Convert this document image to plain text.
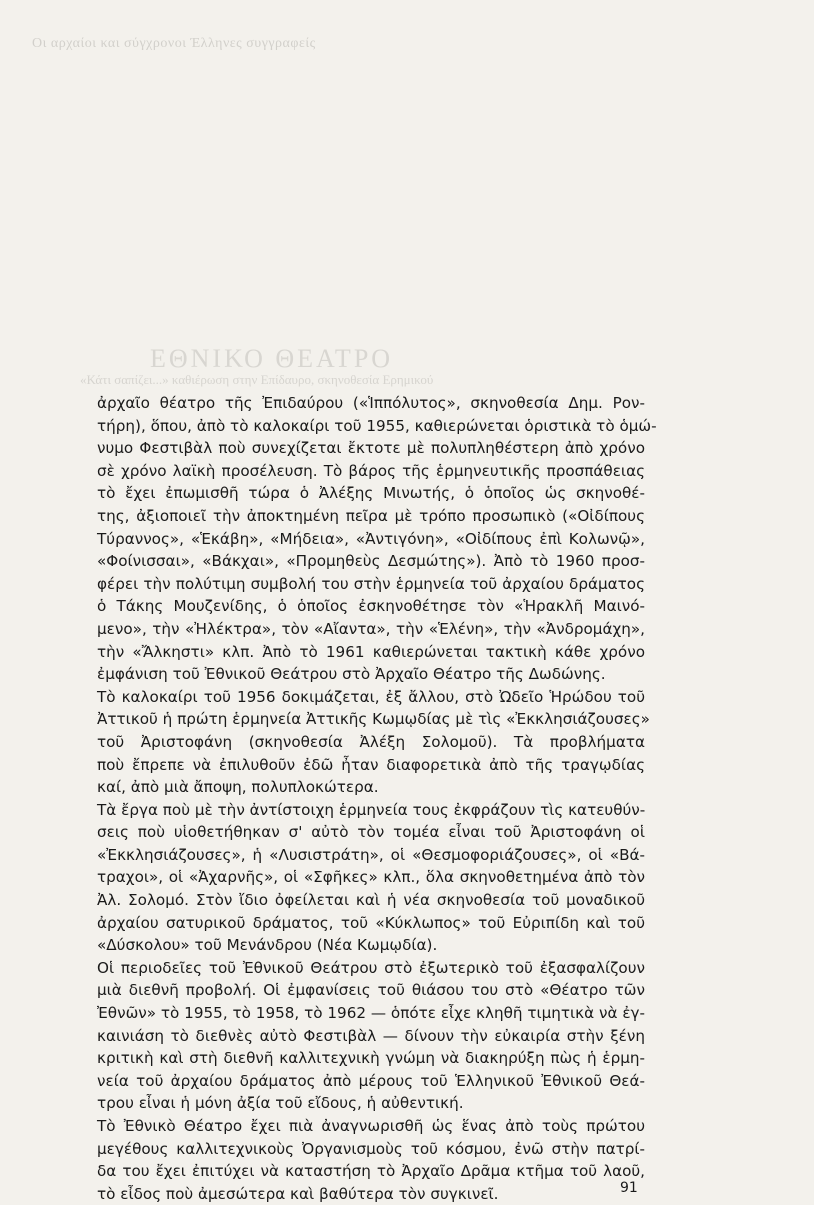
Οι αρχαίοι και σύγχρονοι Έλληνες συγγραφείς
ΕΘΝΙΚΟ ΘΕΑΤΡΟ
«Κάτι σαπίζει...» καθιέρωση στην Επίδαυρο, σκηνοθεσία Ερημικού
ἀρχαῖο θέατρο τῆς Ἐπιδαύρου («Ἱππόλυτος», σκηνοθεσία Δημ. Ρον-
τήρη), ὅπου, ἀπὸ τὸ καλοκαίρι τοῦ 1955, καθιερώνεται ὁριστικὰ τὸ ὁμώ-
νυμο Φεστιβὰλ ποὺ συνεχίζεται ἔκτοτε μὲ πολυπληθέστερη ἀπὸ χρόνο
σὲ χρόνο λαϊκὴ προσέλευση. Τὸ βάρος τῆς ἑρμηνευτικῆς προσπάθειας
τὸ ἔχει ἐπωμισθῆ τώρα ὁ Ἀλέξης Μινωτής, ὁ ὁποῖος ὡς σκηνοθέ-
της, ἀξιοποιεῖ τὴν ἀποκτημένη πεῖρα μὲ τρόπο προσωπικὸ («Οἰδίπους
Τύραννος», «Ἑκάβη», «Μήδεια», «Ἀντιγόνη», «Οἰδίπους ἐπὶ Κολωνῷ»,
«Φοίνισσαι», «Βάκχαι», «Προμηθεὺς Δεσμώτης»). Ἀπὸ τὸ 1960 προσ-
φέρει τὴν πολύτιμη συμβολή του στὴν ἑρμηνεία τοῦ ἀρχαίου δράματος
ὁ Τάκης Μουζενίδης, ὁ ὁποῖος ἐσκηνοθέτησε τὸν «Ἡρακλῆ Μαινό-
μενο», τὴν «Ἠλέκτρα», τὸν «Αἴαντα», τὴν «Ἑλένη», τὴν «Ἀνδρομάχη»,
τὴν «Ἄλκηστι» κλπ. Ἀπὸ τὸ 1961 καθιερώνεται τακτικὴ κάθε χρόνο
ἐμφάνιση τοῦ Ἐθνικοῦ Θεάτρου στὸ Ἀρχαῖο Θέατρο τῆς Δωδώνης.
Τὸ καλοκαίρι τοῦ 1956 δοκιμάζεται, ἐξ ἄλλου, στὸ Ὠδεῖο Ἡρώδου τοῦ
Ἀττικοῦ ἡ πρώτη ἑρμηνεία Ἀττικῆς Κωμῳδίας μὲ τὶς «Ἐκκλησιάζουσες»
τοῦ Ἀριστοφάνη (σκηνοθεσία Ἀλέξη Σολομοῦ). Τὰ προβλήματα
ποὺ ἔπρεπε νὰ ἐπιλυθοῦν ἐδῶ ἦταν διαφορετικὰ ἀπὸ τῆς τραγῳδίας
καί, ἀπὸ μιὰ ἄποψη, πολυπλοκώτερα.
Τὰ ἔργα ποὺ μὲ τὴν ἀντίστοιχη ἑρμηνεία τους ἐκφράζουν τὶς κατευθύν-
σεις ποὺ υἱοθετήθηκαν σ' αὐτὸ τὸν τομέα εἶναι τοῦ Ἀριστοφάνη οἱ
«Ἐκκλησιάζουσες», ἡ «Λυσιστράτη», οἱ «Θεσμοφοριάζουσες», οἱ «Βά-
τραχοι», οἱ «Ἀχαρνῆς», οἱ «Σφῆκες» κλπ., ὅλα σκηνοθετημένα ἀπὸ τὸν
Ἀλ. Σολομό. Στὸν ἴδιο ὀφείλεται καὶ ἡ νέα σκηνοθεσία τοῦ μοναδικοῦ
ἀρχαίου σατυρικοῦ δράματος, τοῦ «Κύκλωπος» τοῦ Εὐριπίδη καὶ τοῦ
«Δύσκολου» τοῦ Μενάνδρου (Νέα Κωμῳδία).
Οἱ περιοδεῖες τοῦ Ἐθνικοῦ Θεάτρου στὸ ἐξωτερικὸ τοῦ ἐξασφαλίζουν
μιὰ διεθνῆ προβολή. Οἱ ἐμφανίσεις τοῦ θιάσου του στὸ «Θέατρο τῶν
Ἐθνῶν» τὸ 1955, τὸ 1958, τὸ 1962 — ὁπότε εἶχε κληθῆ τιμητικὰ νὰ ἐγ-
καινιάση τὸ διεθνὲς αὐτὸ Φεστιβὰλ — δίνουν τὴν εὐκαιρία στὴν ξένη
κριτικὴ καὶ στὴ διεθνῆ καλλιτεχνικὴ γνώμη νὰ διακηρύξη πὼς ἡ ἑρμη-
νεία τοῦ ἀρχαίου δράματος ἀπὸ μέρους τοῦ Ἑλληνικοῦ Ἐθνικοῦ Θεά-
τρου εἶναι ἡ μόνη ἀξία τοῦ εἴδους, ἡ αὐθεντική.
Τὸ Ἐθνικὸ Θέατρο ἔχει πιὰ ἀναγνωρισθῆ ὡς ἕνας ἀπὸ τοὺς πρώτου
μεγέθους καλλιτεχνικοὺς Ὀργανισμοὺς τοῦ κόσμου, ἐνῶ στὴν πατρί-
δα του ἔχει ἐπιτύχει νὰ καταστήση τὸ Ἀρχαῖο Δρᾶμα κτῆμα τοῦ λαοῦ,
τὸ εἶδος ποὺ ἀμεσώτερα καὶ βαθύτερα τὸν συγκινεῖ.	91
